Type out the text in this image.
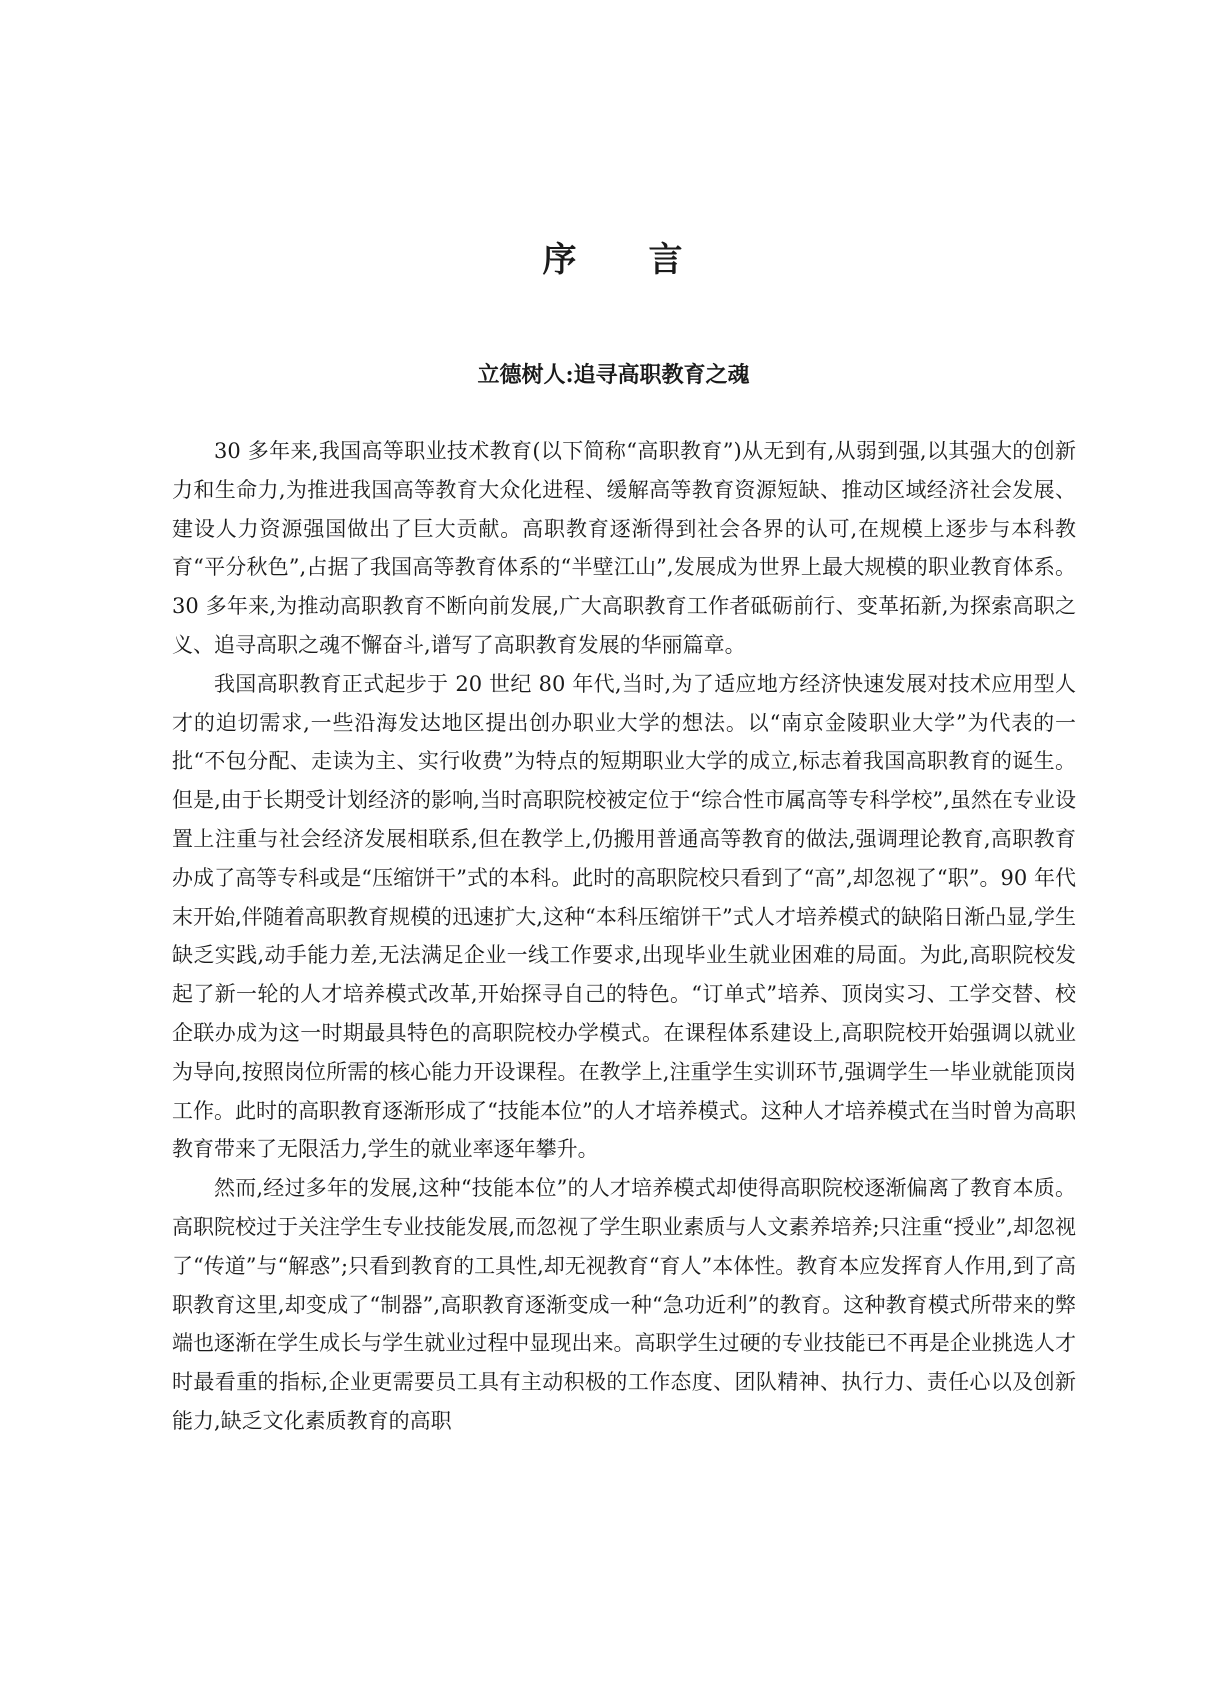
序 言
立德树人:追寻高职教育之魂

30 多年来,我国高等职业技术教育(以下简称“高职教育”)从无到有,从弱到强,以其强大的创新力和生命力,为推进我国高等教育大众化进程、缓解高等教育资源短缺、推动区域经济社会发展、建设人力资源强国做出了巨大贡献。高职教育逐渐得到社会各界的认可,在规模上逐步与本科教育“平分秋色”,占据了我国高等教育体系的“半壁江山”,发展成为世界上最大规模的职业教育体系。30 多年来,为推动高职教育不断向前发展,广大高职教育工作者砥砺前行、变革拓新,为探索高职之义、追寻高职之魂不懈奋斗,谱写了高职教育发展的华丽篇章。

我国高职教育正式起步于 20 世纪 80 年代,当时,为了适应地方经济快速发展对技术应用型人才的迫切需求,一些沿海发达地区提出创办职业大学的想法。以“南京金陵职业大学”为代表的一批“不包分配、走读为主、实行收费”为特点的短期职业大学的成立,标志着我国高职教育的诞生。但是,由于长期受计划经济的影响,当时高职院校被定位于“综合性市属高等专科学校”,虽然在专业设置上注重与社会经济发展相联系,但在教学上,仍搬用普通高等教育的做法,强调理论教育,高职教育办成了高等专科或是“压缩饼干”式的本科。此时的高职院校只看到了“高”,却忽视了“职”。90 年代末开始,伴随着高职教育规模的迅速扩大,这种“本科压缩饼干”式人才培养模式的缺陷日渐凸显,学生缺乏实践,动手能力差,无法满足企业一线工作要求,出现毕业生就业困难的局面。为此,高职院校发起了新一轮的人才培养模式改革,开始探寻自己的特色。“订单式”培养、顶岗实习、工学交替、校企联办成为这一时期最具特色的高职院校办学模式。在课程体系建设上,高职院校开始强调以就业为导向,按照岗位所需的核心能力开设课程。在教学上,注重学生实训环节,强调学生一毕业就能顶岗工作。此时的高职教育逐渐形成了“技能本位”的人才培养模式。这种人才培养模式在当时曾为高职教育带来了无限活力,学生的就业率逐年攀升。

然而,经过多年的发展,这种“技能本位”的人才培养模式却使得高职院校逐渐偏离了教育本质。高职院校过于关注学生专业技能发展,而忽视了学生职业素质与人文素养培养;只注重“授业”,却忽视了“传道”与“解惑”;只看到教育的工具性,却无视教育“育人”本体性。教育本应发挥育人作用,到了高职教育这里,却变成了“制器”,高职教育逐渐变成一种“急功近利”的教育。这种教育模式所带来的弊端也逐渐在学生成长与学生就业过程中显现出来。高职学生过硬的专业技能已不再是企业挑选人才时最看重的指标,企业更需要员工具有主动积极的工作态度、团队精神、执行力、责任心以及创新能力,缺乏文化素质教育的高职
